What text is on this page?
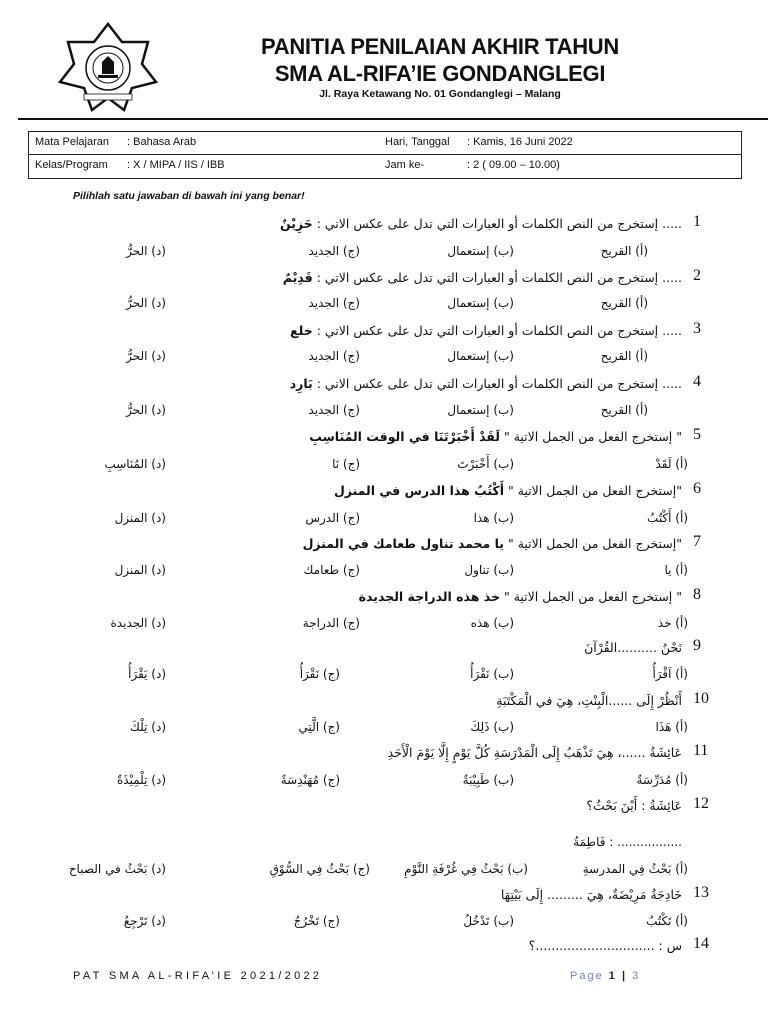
PANITIA PENILAIAN AKHIR TAHUN
SMA AL-RIFA’IE GONDANGLEGI
Jl. Raya Ketawang No. 01 Gondanglegi – Malang
Mata Pelajaran : Bahasa Arab	Hari, Tanggal : Kamis, 16 Juni 2022
Kelas/Program : X / MIPA / IIS / IBB	Jam ke-	: 2 ( 09.00 – 10.00)
Pilihlah satu jawaban di bawah ini yang benar!
1
..... إستخرج من النص الكلمات أو العبارات التي تدل على عكس الاتي : حَزِيْنٌ
(أ) القريح
(ب) إستعمال
(ج) الجديد
(د) الحرُّ
2
..... إستخرج من النص الكلمات أو العبارات التي تدل على عكس الاتي : قَدِيْمٌ
(أ) القريح
(ب) إستعمال
(ج) الجديد
(د) الحرُّ
3
..... إستخرج من النص الكلمات أو العبارات التي تدل على عكس الاتي : خلع
(أ) القريح
(ب) إستعمال
(ج) الجديد
(د) الحرُّ
4
..... إستخرج من النص الكلمات أو العبارات التي تدل على عكس الاتي : بَارِد
(أ) القريح
(ب) إستعمال
(ج) الجديد
(د) الحرُّ
5
" إستخرج الفعل من الجمل الاتية " لَقَدْ أَخْبَرْتَنَا في الوقت المُنَاسِبِ
(أ) لَقَدْ
(ب) أَخْبَرْتَ
(ج) نَا
(د) المُنَاسِبِ
6
"إستخرج الفعل من الجمل الاتية " أَكْتُبُ هذا الدرس في المنزل
(أ) أَكْتُبُ
(ب) هذا
(ج) الدرس
(د) المنزل
7
"إستخرج الفعل من الجمل الاتية " يا محمد تناول طعامك في المنزل
(أ) يا
(ب) تناول
(ج) طعامك
(د) المنزل
8
" إستخرج الفعل من الجمل الاتية " خذ هذه الدراجة الجديدة
(أ) خذ
(ب) هذه
(ج) الدراجة
(د) الجديدة
9
نَحْنُ ..........القُرْآنَ
(أ) اَقْرَأُ
(ب) نَقْرَأُ
(ج) نَقْرَأُ
(د) يَقْرَأُ
10
أَنْظُرْ إِلَى ......الْبِنْتِ، هِيَ في الْمَكْتَبَةِ
(أ) هَذَا
(ب) ذَلِكَ
(ج) الَّتِي
(د) تِلْكَ
11
عَائِشَةُ ......، هِيَ تَذْهَبُ إِلَى الْمَدْرَسَةِ كُلَّ يَوْمٍ إِلَّا يَوْمَ الْأَحَدِ
(أ) مُدَرِّسَةٌ
(ب) طَبِيْبَةٌ
(ج) مُهَنْدِسَةٌ
(د) تِلْمِيْذَةٌ
12
عَائِشَةُ : أَيْنَ بَحْثُ؟
................. : فَاطِمَةُ
(أ) بَحْثُ فِي المدرسةِ
(ب) بَحْثُ فِي غُرْفَةِ النَّوْمِ
(ج) بَحْثُ فِي السُّوْقِ
(د) بَحْثُ في الصباح
13
خَادِجَةُ مَرِيْضَةٌ، هِيَ ......... إِلَى بَيْتِهَا
(أ) تَكْتُبُ
(ب) تَدْخُلُ
(ج) تَخْرُجُ
(د) تَرْجِعُ
14
س : ..............................؟
PAT SMA AL-RIFA’IE 2021/2022	Page 1 | 3
